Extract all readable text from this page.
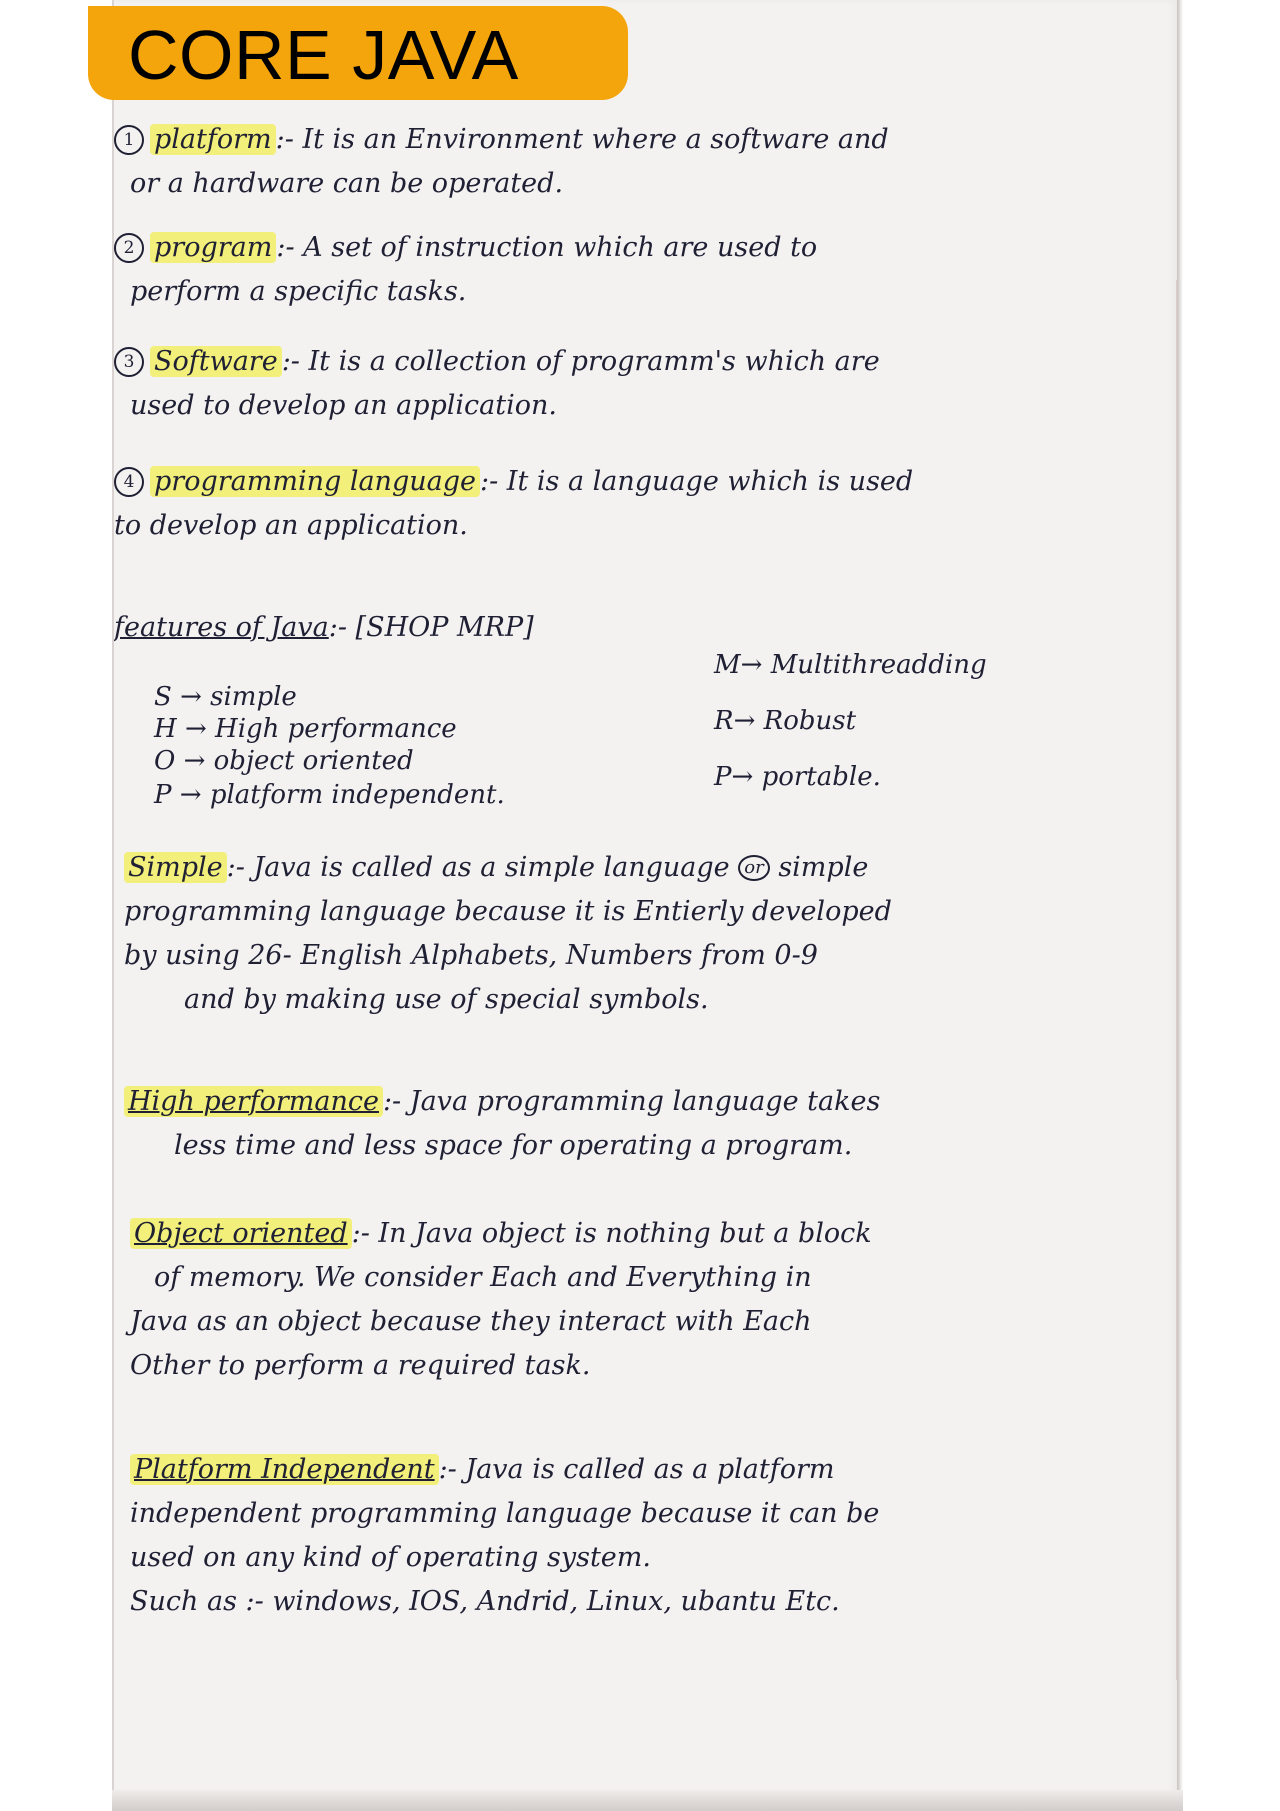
1 platform :- It is an Environment where a software and
or a hardware can be operated.
2 program :- A set of instruction which are used to
perform a specific tasks.
3 Software :- It is a collection of programm's which are
used to develop an application.
4 programming language :- It is a language which is used
to develop an application.
features of Java:- [SHOP MRP]
S → simple
H → High performance
O → object oriented
P → platform independent.
M→ Multithreadding
R→ Robust
P→ portable.
Simple :- Java is called as a simple language or simple
programming language because it is Entierly developed
by using 26- English Alphabets, Numbers from 0-9
and by making use of special symbols.
High performance :- Java programming language takes
less time and less space for operating a program.
Object oriented :- In Java object is nothing but a block
of memory. We consider Each and Everything in
Java as an object because they interact with Each
Other to perform a required task.
Platform Independent :- Java is called as a platform
independent programming language because it can be
used on any kind of operating system.
Such as :- windows, IOS, Andrid, Linux, ubantu Etc.
CORE JAVA
